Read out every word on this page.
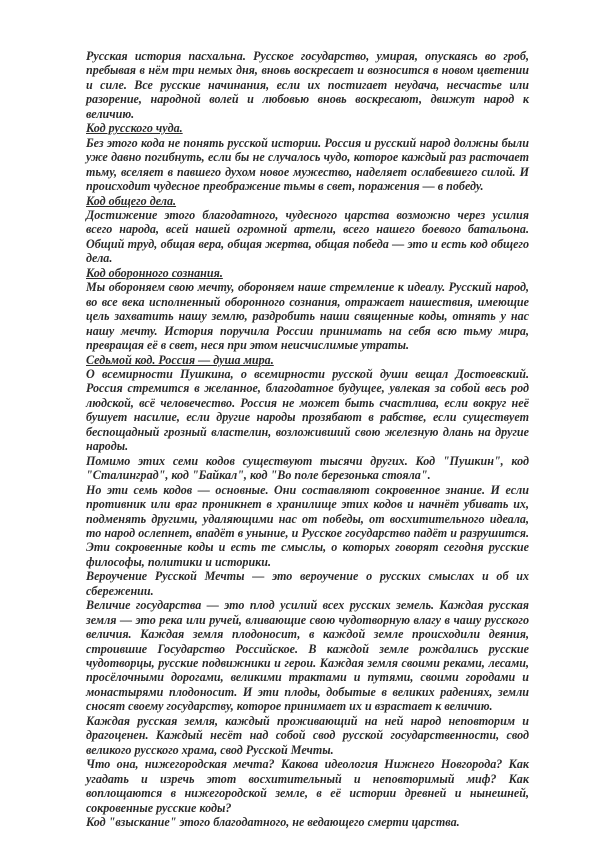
Русская история пасхальна. Русское государство, умирая, опускаясь во гроб, пребывая в нём три немых дня, вновь воскресает и возносится в новом цветении и силе. Все русские начинания, если их постигает неудача, несчастье или разорение, народной волей и любовью вновь воскресают, движут народ к величию.

Код русского чуда.

Без этого кода не понять русской истории. Россия и русский народ должны были уже давно погибнуть, если бы не случалось чудо, которое каждый раз расточает тьму, вселяет в павшего духом новое мужество, наделяет ослабевшего силой. И происходит чудесное преображение тьмы в свет, поражения — в победу.

Код общего дела.

Достижение этого благодатного, чудесного царства возможно через усилия всего народа, всей нашей огромной артели, всего нашего боевого батальона. Общий труд, общая вера, общая жертва, общая победа — это и есть код общего дела.

Код оборонного сознания.

Мы обороняем свою мечту, обороняем наше стремление к идеалу. Русский народ, во все века исполненный оборонного сознания, отражает нашествия, имеющие цель захватить нашу землю, раздробить наши священные коды, отнять у нас нашу мечту. История поручила России принимать на себя всю тьму мира, превращая её в свет, неся при этом неисчислимые утраты.

Седьмой код. Россия — душа мира.

О всемирности Пушкина, о всемирности русской души вещал Достоевский. Россия стремится в желанное, благодатное будущее, увлекая за собой весь род людской, всё человечество. Россия не может быть счастлива, если вокруг неё бушует насилие, если другие народы прозябают в рабстве, если существует беспощадный грозный властелин, возложивший свою железную длань на другие народы.

Помимо этих семи кодов существуют тысячи других. Код "Пушкин", код "Сталинград", код "Байкал", код "Во поле березонька стояла".

Но эти семь кодов — основные. Они составляют сокровенное знание. И если противник или враг проникнет в хранилище этих кодов и начнёт убивать их, подменять другими, удаляющими нас от победы, от восхитительного идеала, то народ ослепнет, впадёт в уныние, и Русское государство падёт и разрушится. Эти сокровенные коды и есть те смыслы, о которых говорят сегодня русские философы, политики и историки.

Вероучение Русской Мечты — это вероучение о русских смыслах и об их сбережении.

Величие государства — это плод усилий всех русских земель. Каждая русская земля — это река или ручей, вливающие свою чудотворную влагу в чашу русского величия. Каждая земля плодоносит, в каждой земле происходили деяния, строившие Государство Российское. В каждой земле рождались русские чудотворцы, русские подвижники и герои. Каждая земля своими реками, лесами, просёлочными дорогами, великими трактами и путями, своими городами и монастырями плодоносит. И эти плоды, добытые в великих радениях, земли сносят своему государству, которое принимает их и взрастает к величию.

Каждая русская земля, каждый проживающий на ней народ неповторим и драгоценен. Каждый несёт над собой свод русской государственности, свод великого русского храма, свод Русской Мечты.

Что она, нижегородская мечта? Какова идеология Нижнего Новгорода? Как угадать и изречь этот восхитительный и неповторимый миф? Как воплощаются в нижегородской земле, в её истории древней и нынешней, сокровенные русские коды?

Код "взыскание" этого благодатного, не ведающего смерти царства.
